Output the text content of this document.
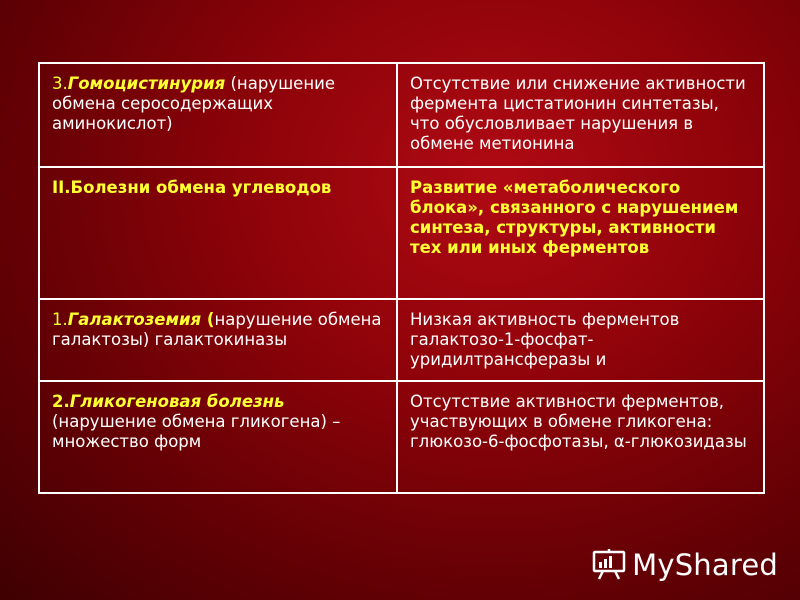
3.Гомоцистинурия (нарушение обмена серосодержащих аминокислот)	Отсутствие или снижение активности фермента цистатионин синтетазы, что обусловливает нарушения в обмене метионина
II.Болезни обмена углеводов	Развитие «метаболического блока», связанного с нарушением синтеза, структуры, активности тех или иных ферментов
1.Галактоземия (нарушение обмена галактозы) галактокиназы	Низкая активность ферментов галактозо-1-фосфат-уридилтрансферазы и
2.Гликогеновая болезнь (нарушение обмена гликогена) – множество форм	Отсутствие активности ферментов, участвующих в обмене гликогена: глюкозо-6-фосфотазы, α-глюкозидазы
MyShared
